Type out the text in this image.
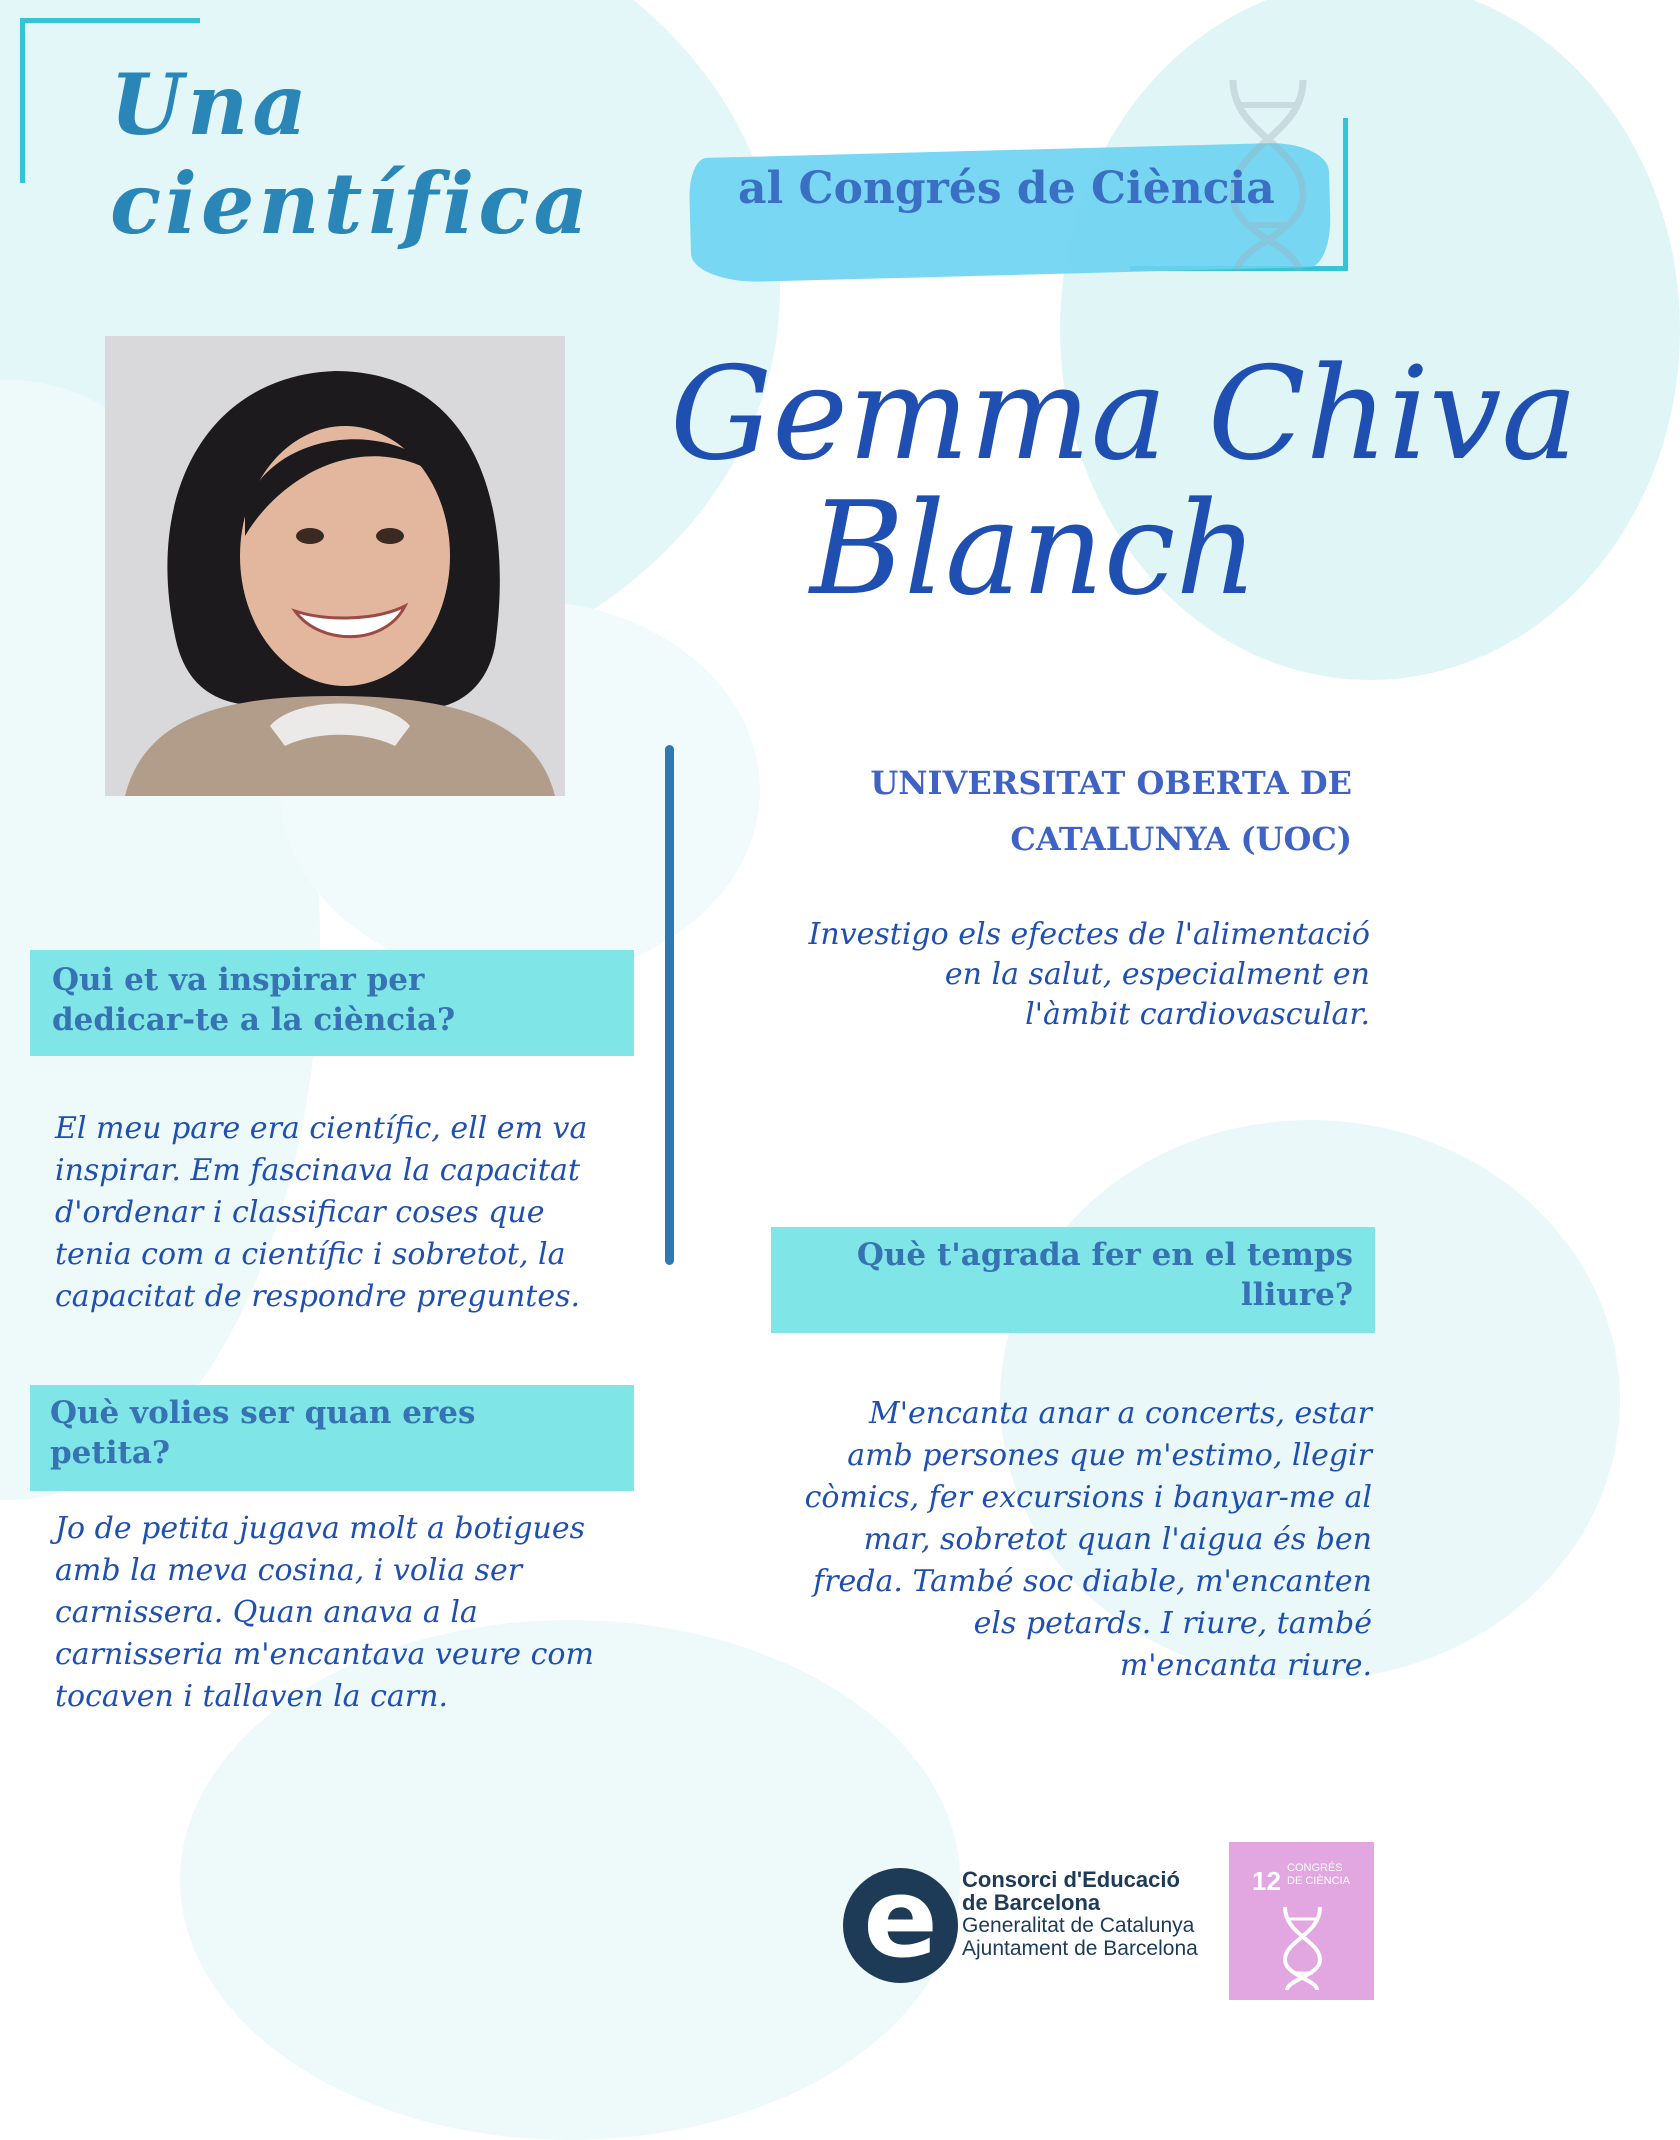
Una científica	al Congrés de Ciència
Gemma Chiva
Blanch
UNIVERSITAT OBERTA DE
CATALUNYA (UOC)
Investigo els efectes de l'alimentació
en la salut, especialment en
l'àmbit cardiovascular.
Qui et va inspirar per
dedicar-te a la ciència?
El meu pare era científic, ell em va
inspirar. Em fascinava la capacitat
d'ordenar i classificar coses que
tenia com a científic i sobretot, la
capacitat de respondre preguntes.
Què volies ser quan eres
petita?
Jo de petita jugava molt a botigues
amb la meva cosina, i volia ser
carnissera. Quan anava a la
carnisseria m'encantava veure com
tocaven i tallaven la carn.
Què t'agrada fer en el temps
lliure?
M'encanta anar a concerts, estar
amb persones que m'estimo, llegir
còmics, fer excursions i banyar-me al
mar, sobretot quan l'aigua és ben
freda. També soc diable, m'encanten
els petards. I riure, també
m'encanta riure.
e	Consorci d'Educació
de Barcelona
Generalitat de Catalunya
Ajuntament de Barcelona
12 CONGRÉS
DE CIÈNCIA
